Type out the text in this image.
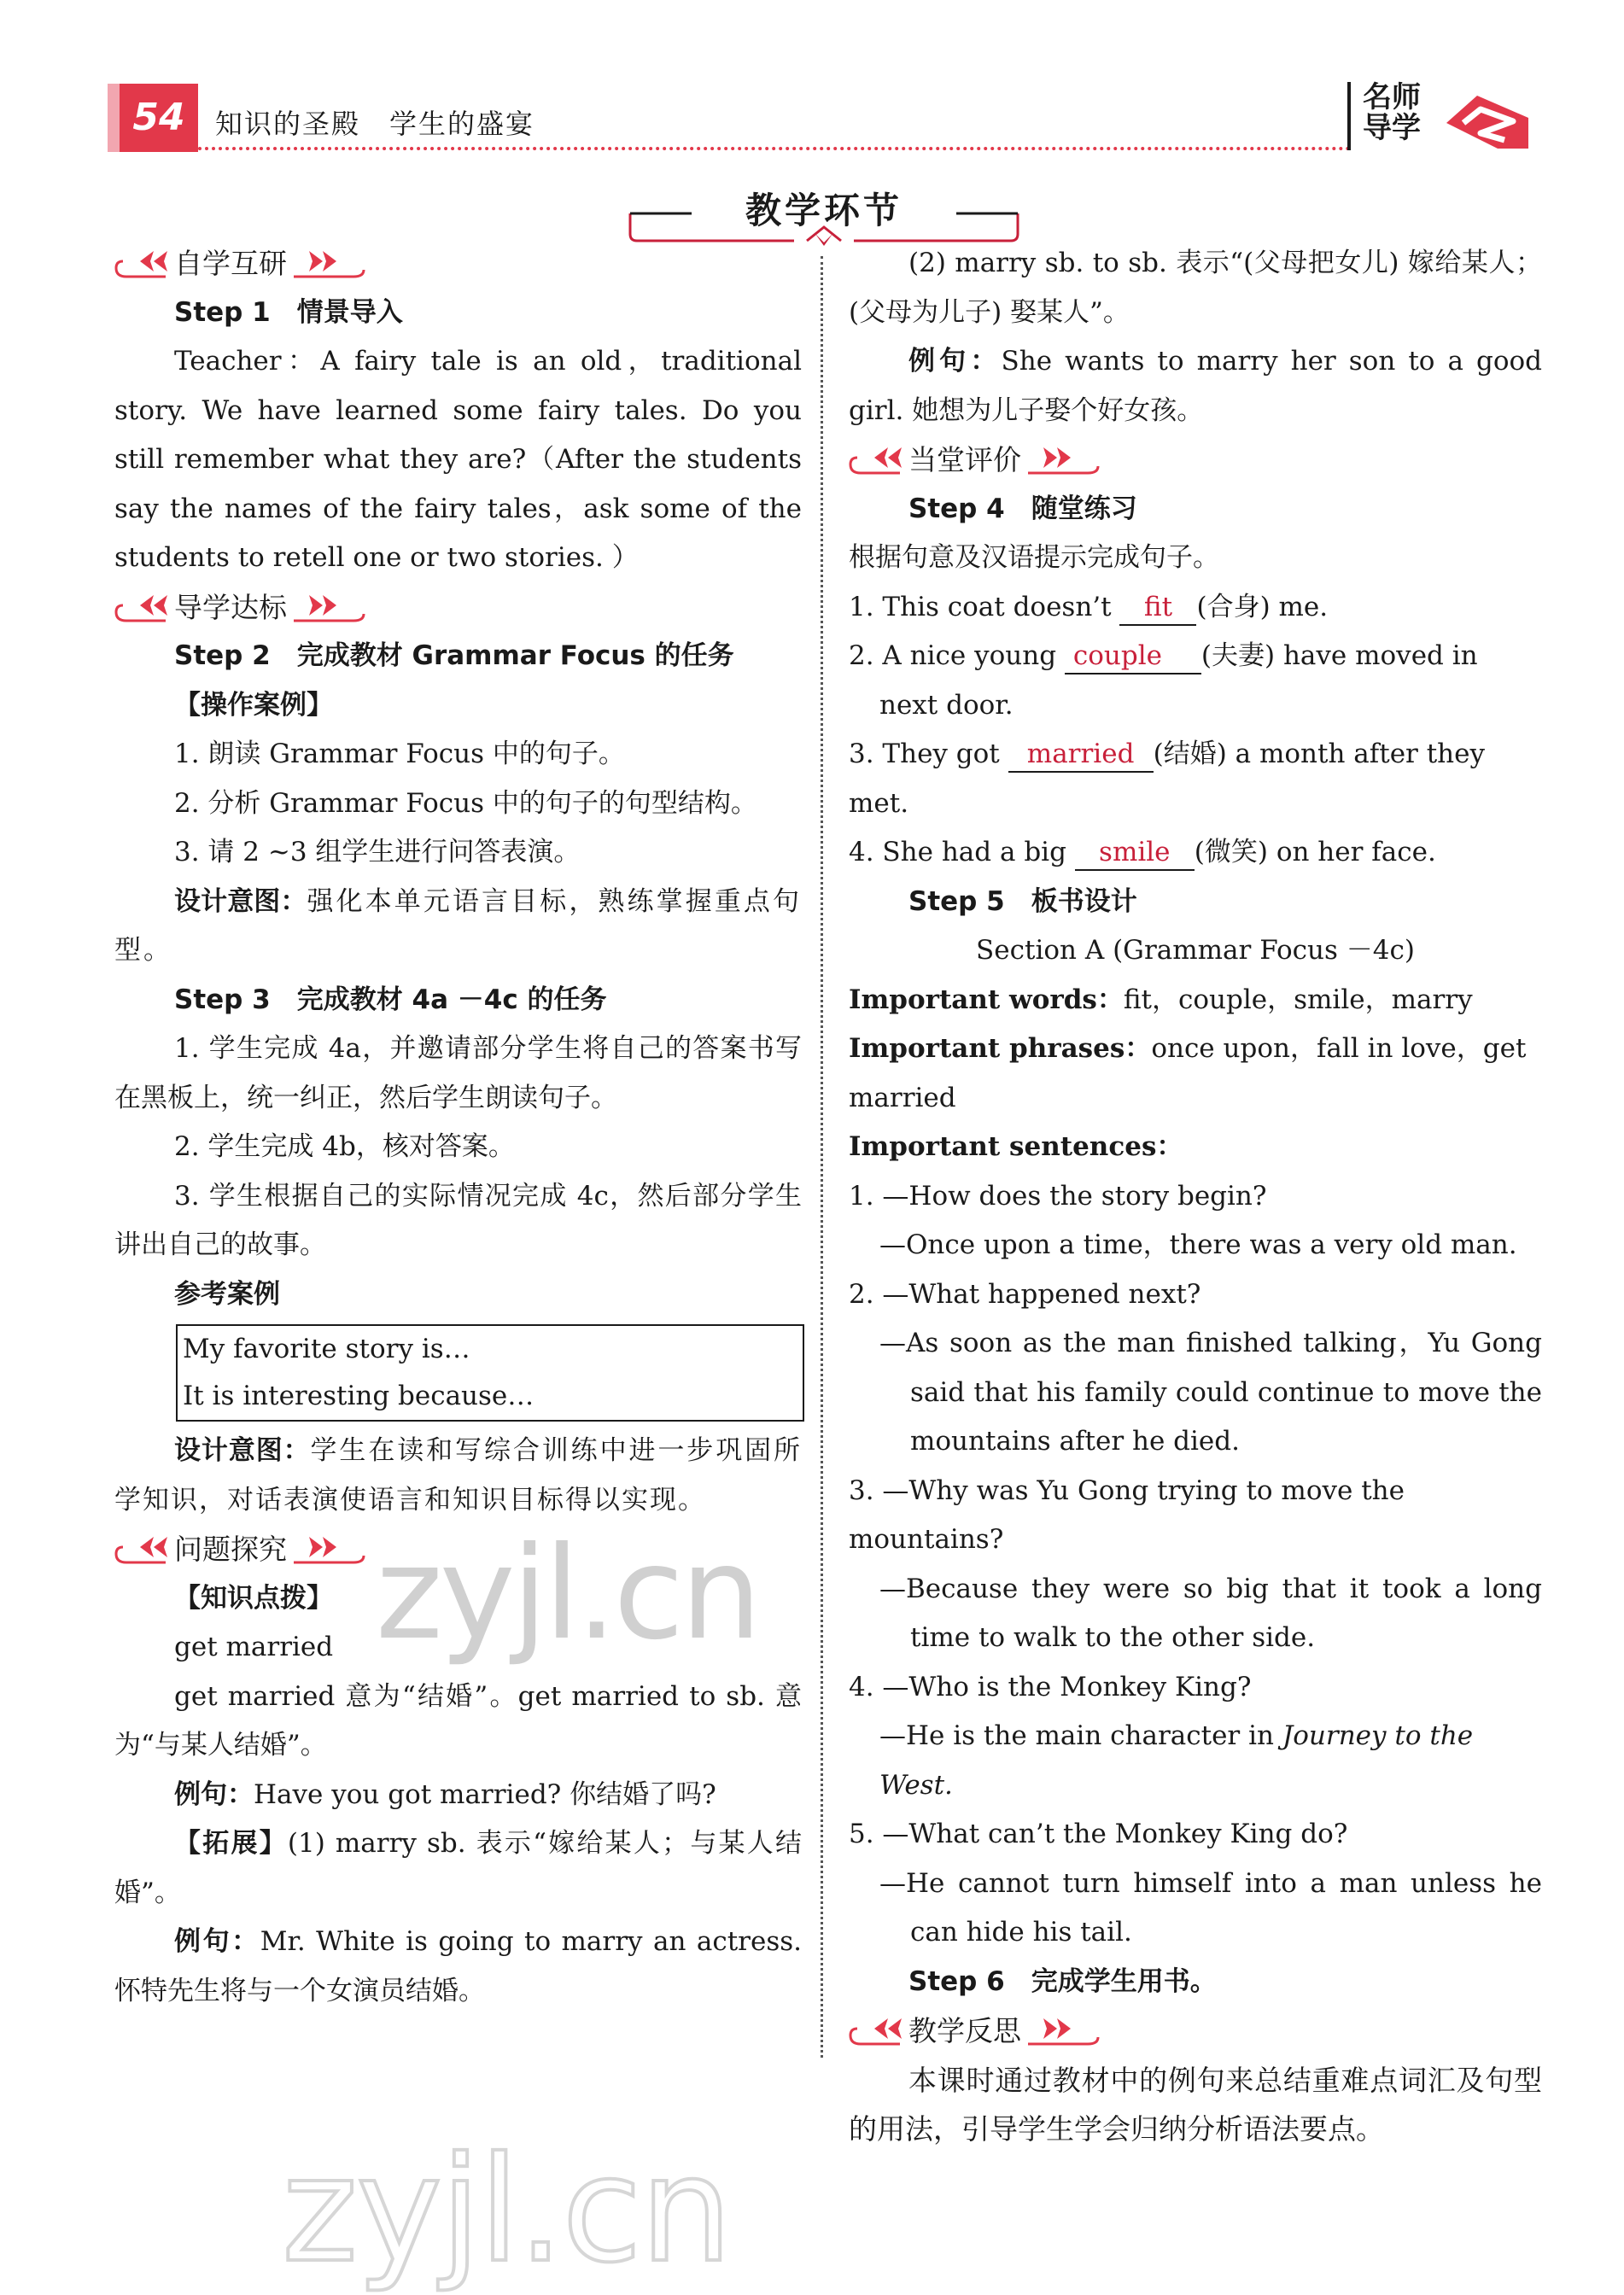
54	知识的圣殿　学生的盛宴
名师
导学
教学环节
自学互研

Step 1　情景导入

Teacher：A fairy tale is an old，traditional story. We have learned some fairy tales. Do you still remember what they are?（After the students say the names of the fairy tales，ask some of the students to retell one or two stories. ）

导学达标

Step 2　完成教材 Grammar Focus 的任务

【操作案例】

1. 朗读 Grammar Focus 中的句子。

2. 分析 Grammar Focus 中的句子的句型结构。

3. 请 2 ~3 组学生进行问答表演。

设计意图：强化本单元语言目标，熟练掌握重点句型。

Step 3　完成教材 4a －4c 的任务

1. 学生完成 4a，并邀请部分学生将自己的答案书写在黑板上，统一纠正，然后学生朗读句子。

2. 学生完成 4b，核对答案。

3. 学生根据自己的实际情况完成 4c，然后部分学生讲出自己的故事。

参考案例

My favorite story is…
It is interesting because…

设计意图：学生在读和写综合训练中进一步巩固所学知识，对话表演使语言和知识目标得以实现。

问题探究

【知识点拨】

get married

get married 意为“结婚”。get married to sb. 意为“与某人结婚”。

例句：Have you got married? 你结婚了吗?

【拓展】(1) marry sb. 表示“嫁给某人；与某人结婚”。

例句：Mr. White is going to marry an actress. 怀特先生将与一个女演员结婚。

(2) marry sb. to sb. 表示“(父母把女儿) 嫁给某人；(父母为儿子) 娶某人”。

例句：She wants to marry her son to a good girl. 她想为儿子娶个好女孩。

当堂评价

Step 4　随堂练习

根据句意及汉语提示完成句子。

1. This coat doesn’t fit (合身) me.

2. A nice young couple (夫妻) have moved in next door.

3. They got married (结婚) a month after they met.

4. She had a big smile (微笑) on her face.

Step 5　板书设计

Section A (Grammar Focus －4c)

Important words：fit，couple，smile，marry

Important phrases：once upon，fall in love，get married

Important sentences：

1. —How does the story begin?

—Once upon a time，there was a very old man.

2. —What happened next?

—As soon as the man finished talking，Yu Gong said that his family could continue to move the mountains after he died.

3. —Why was Yu Gong trying to move the mountains?

—Because they were so big that it took a long time to walk to the other side.

4. —Who is the Monkey King?

—He is the main character in Journey to the West.

5. —What can’t the Monkey King do?

—He cannot turn himself into a man unless he can hide his tail.

Step 6　完成学生用书。

教学反思

本课时通过教材中的例句来总结重难点词汇及句型的用法，引导学生学会归纳分析语法要点。

zyjl.cn
zyjl.cn
